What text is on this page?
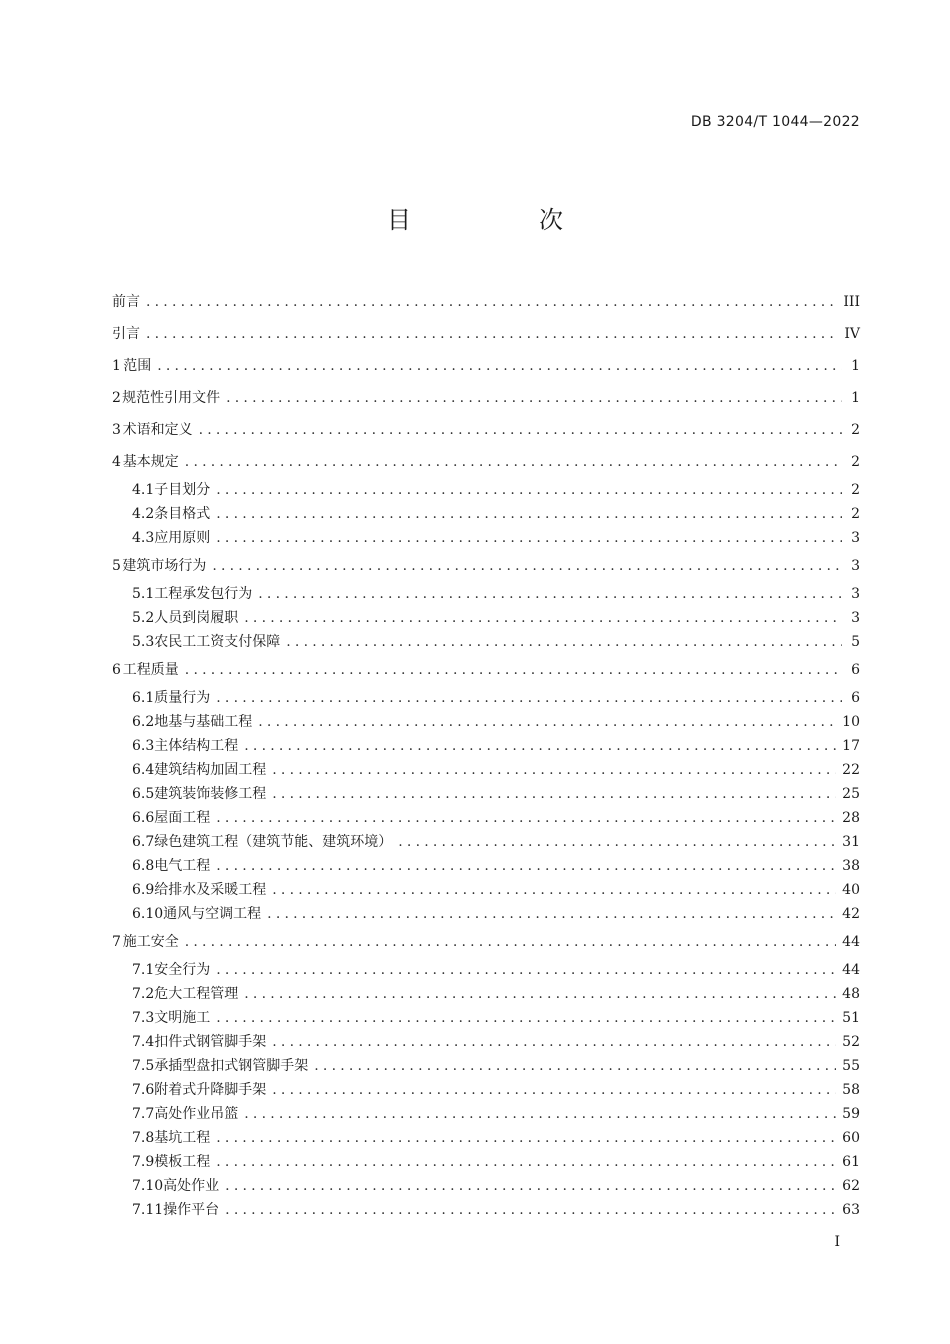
DB 3204/T 1044—2022
目　次
前言 .....	III
引言 .....	IV
1 范围 .....	1
2 规范性引用文件 .....	1
3 术语和定义 .....	2
4 基本规定 .....	2
4.1 子目划分 .....	2
4.2 条目格式 .....	2
4.3 应用原则 .....	3
5 建筑市场行为 .....	3
5.1 工程承发包行为 .....	3
5.2 人员到岗履职 .....	3
5.3 农民工工资支付保障 .....	5
6 工程质量 .....	6
6.1 质量行为 .....	6
6.2 地基与基础工程 .....	10
6.3 主体结构工程 .....	17
6.4 建筑结构加固工程 .....	22
6.5 建筑装饰装修工程 .....	25
6.6 屋面工程 .....	28
6.7 绿色建筑工程（建筑节能、建筑环境） .....	31
6.8 电气工程 .....	38
6.9 给排水及采暖工程 .....	40
6.10 通风与空调工程 .....	42
7 施工安全 .....	44
7.1 安全行为 .....	44
7.2 危大工程管理 .....	48
7.3 文明施工 .....	51
7.4 扣件式钢管脚手架 .....	52
7.5 承插型盘扣式钢管脚手架 .....	55
7.6 附着式升降脚手架 .....	58
7.7 高处作业吊篮 .....	59
7.8 基坑工程 .....	60
7.9 模板工程 .....	61
7.10 高处作业 .....	62
7.11 操作平台 .....	63
I
